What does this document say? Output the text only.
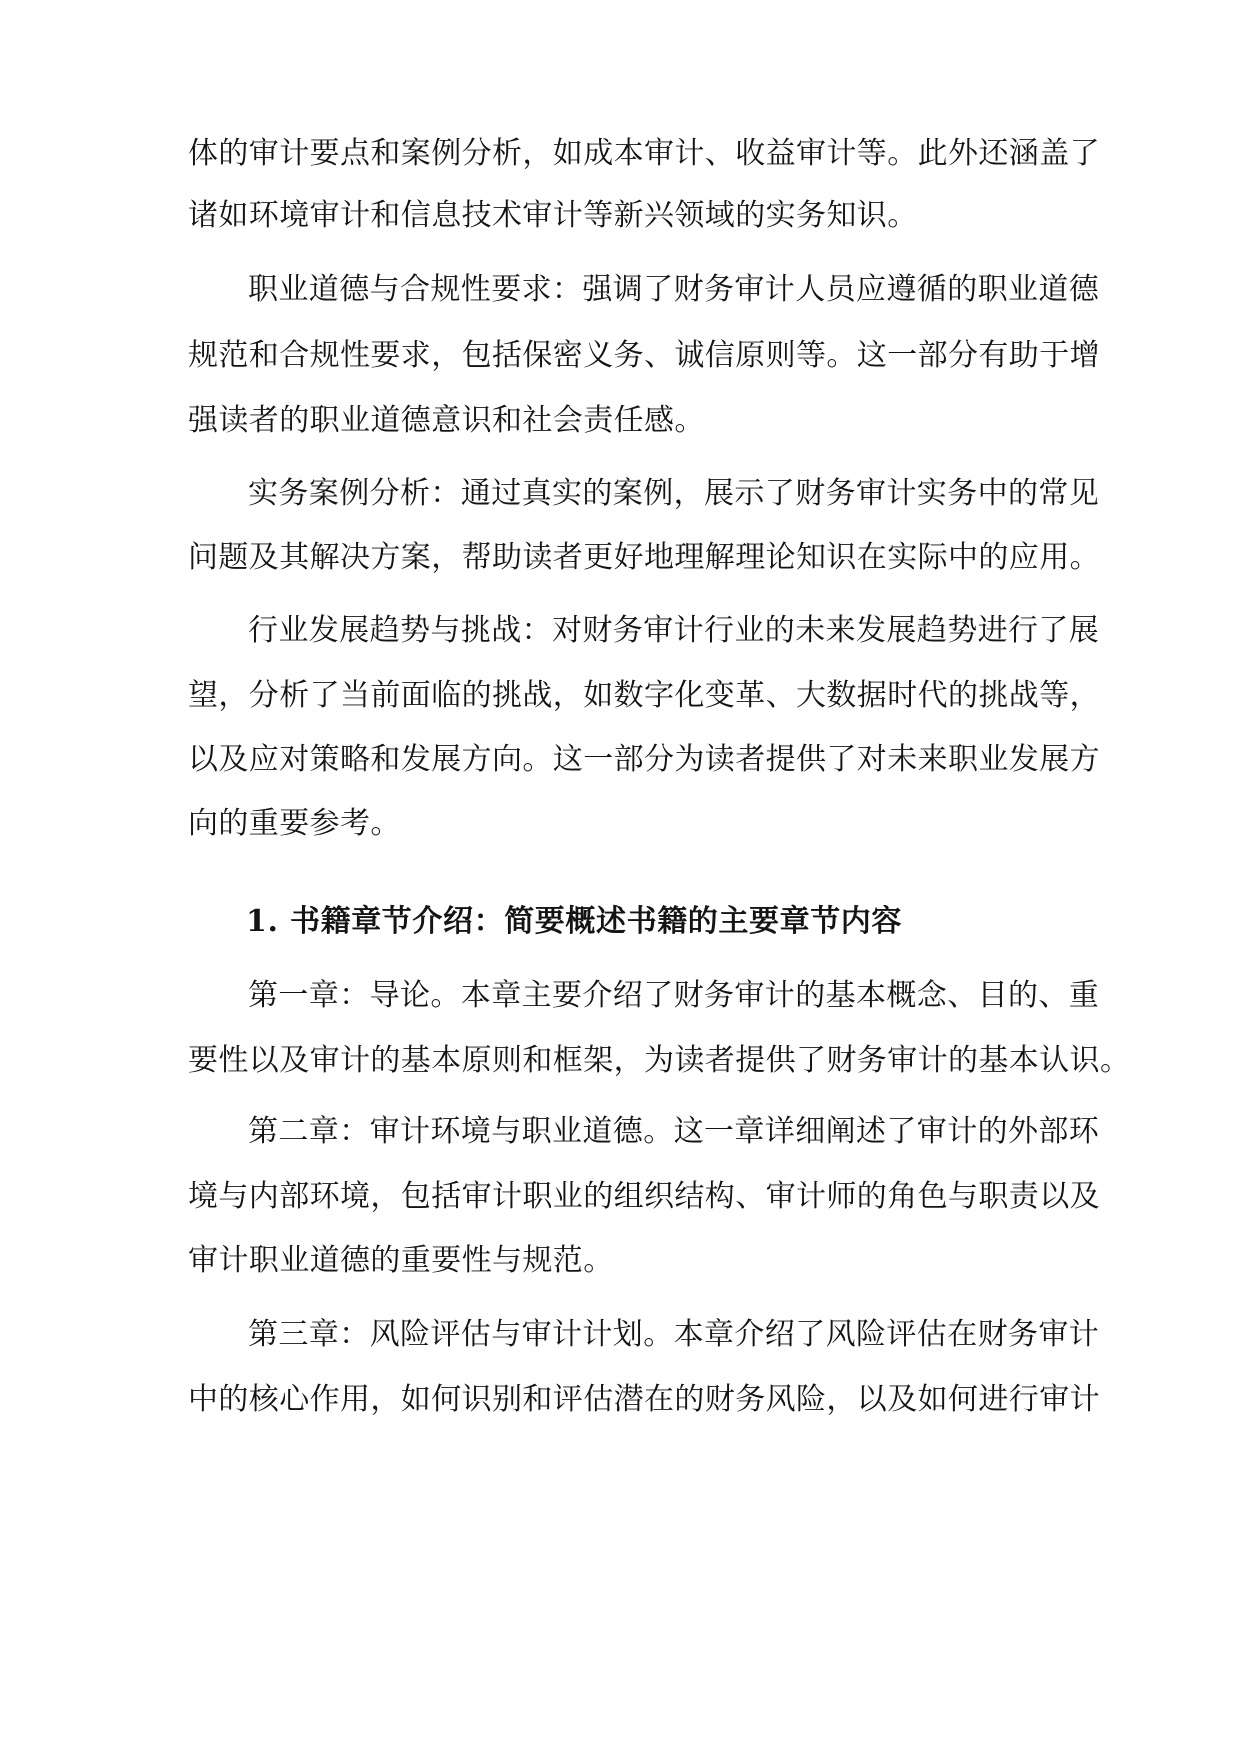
体的审计要点和案例分析，如成本审计、收益审计等。此外还涵盖了
诸如环境审计和信息技术审计等新兴领域的实务知识。
职业道德与合规性要求：强调了财务审计人员应遵循的职业道德
规范和合规性要求，包括保密义务、诚信原则等。这一部分有助于增
强读者的职业道德意识和社会责任感。
实务案例分析：通过真实的案例，展示了财务审计实务中的常见
问题及其解决方案，帮助读者更好地理解理论知识在实际中的应用。
行业发展趋势与挑战：对财务审计行业的未来发展趋势进行了展
望，分析了当前面临的挑战，如数字化变革、大数据时代的挑战等，
以及应对策略和发展方向。这一部分为读者提供了对未来职业发展方
向的重要参考。
1. 书籍章节介绍：简要概述书籍的主要章节内容
第一章：导论。本章主要介绍了财务审计的基本概念、目的、重
要性以及审计的基本原则和框架，为读者提供了财务审计的基本认识。
第二章：审计环境与职业道德。这一章详细阐述了审计的外部环
境与内部环境，包括审计职业的组织结构、审计师的角色与职责以及
审计职业道德的重要性与规范。
第三章：风险评估与审计计划。本章介绍了风险评估在财务审计
中的核心作用，如何识别和评估潜在的财务风险，以及如何进行审计
